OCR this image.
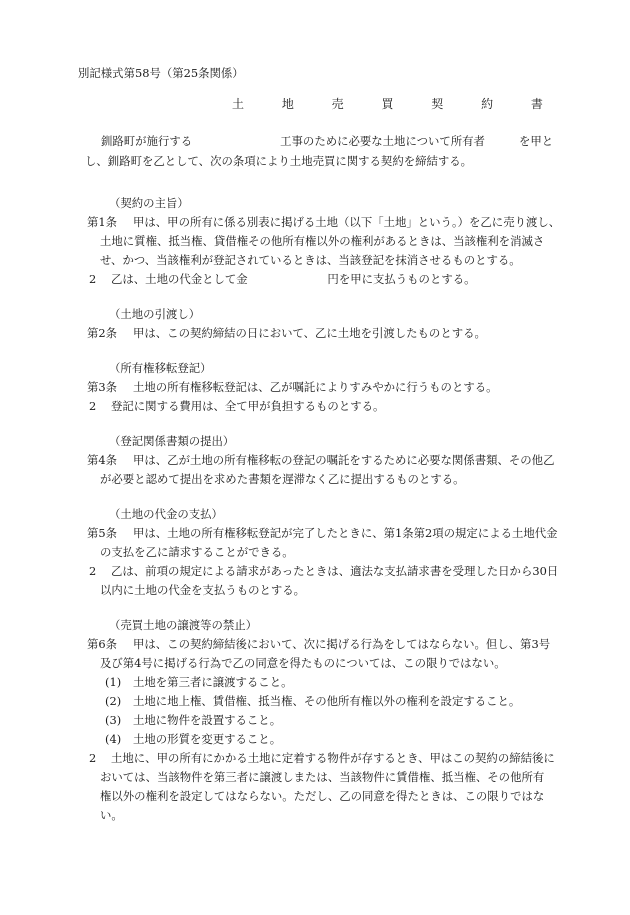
別記様式第58号（第25条関係）
土 地 売 買 契 約 書
釧路町が施行する	工事のために必要な土地について所有者	を甲と
し、釧路町を乙として、次の条項により土地売買に関する契約を締結する。
（契約の主旨）
第1条 甲は、甲の所有に係る別表に掲げる土地（以下「土地」という。）を乙に売り渡し、
土地に質権、抵当権、貸借権その他所有権以外の権利があるときは、当該権利を消滅さ
せ、かつ、当該権利が登記されているときは、当該登記を抹消させるものとする。
2 乙は、土地の代金として金　　　　　　　円を甲に支払うものとする。
（土地の引渡し）
第2条 甲は、この契約締結の日において、乙に土地を引渡したものとする。
（所有権移転登記）
第3条 土地の所有権移転登記は、乙が嘱託によりすみやかに行うものとする。
2 登記に関する費用は、全て甲が負担するものとする。
（登記関係書類の提出）
第4条 甲は、乙が土地の所有権移転の登記の嘱託をするために必要な関係書類、その他乙
が必要と認めて提出を求めた書類を遅滞なく乙に提出するものとする。
（土地の代金の支払）
第5条 甲は、土地の所有権移転登記が完了したときに、第1条第2項の規定による土地代金
の支払を乙に請求することができる。
2 乙は、前項の規定による請求があったときは、適法な支払請求書を受理した日から30日
以内に土地の代金を支払うものとする。
（売買土地の譲渡等の禁止）
第6条 甲は、この契約締結後において、次に掲げる行為をしてはならない。但し、第3号
及び第4号に掲げる行為で乙の同意を得たものについては、この限りではない。
(1) 土地を第三者に譲渡すること。
(2) 土地に地上権、賃借権、抵当権、その他所有権以外の権利を設定すること。
(3) 土地に物件を設置すること。
(4) 土地の形質を変更すること。
2 土地に、甲の所有にかかる土地に定着する物件が存するとき、甲はこの契約の締結後に
おいては、当該物件を第三者に譲渡しまたは、当該物件に賃借権、抵当権、その他所有
権以外の権利を設定してはならない。ただし、乙の同意を得たときは、この限りではな
い。
